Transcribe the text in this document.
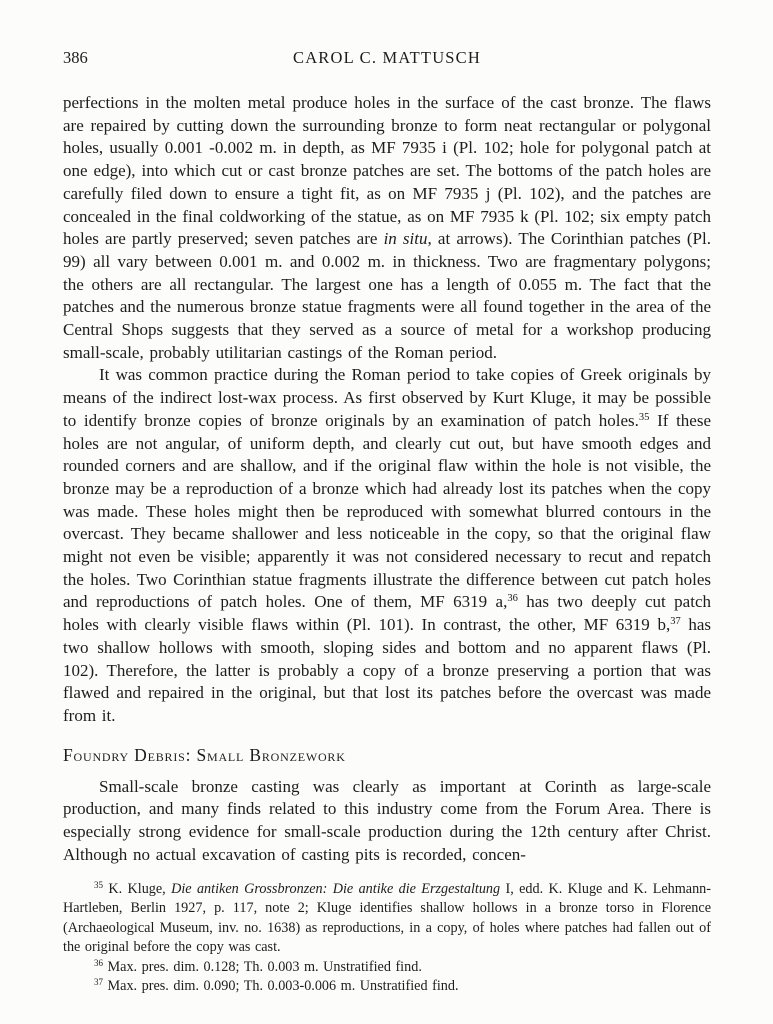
386	CAROL C. MATTUSCH

perfections in the molten metal produce holes in the surface of the cast bronze. The flaws are repaired by cutting down the surrounding bronze to form neat rectangular or polygonal holes, usually 0.001 -0.002 m. in depth, as MF 7935 i (Pl. 102; hole for polygonal patch at one edge), into which cut or cast bronze patches are set. The bottoms of the patch holes are carefully filed down to ensure a tight fit, as on MF 7935 j (Pl. 102), and the patches are concealed in the final coldworking of the statue, as on MF 7935 k (Pl. 102; six empty patch holes are partly preserved; seven patches are in situ, at arrows). The Corinthian patches (Pl. 99) all vary between 0.001 m. and 0.002 m. in thickness. Two are fragmentary polygons; the others are all rectangular. The largest one has a length of 0.055 m. The fact that the patches and the numerous bronze statue fragments were all found together in the area of the Central Shops suggests that they served as a source of metal for a workshop producing small-scale, probably utilitarian castings of the Roman period.

It was common practice during the Roman period to take copies of Greek originals by means of the indirect lost-wax process. As first observed by Kurt Kluge, it may be possible to identify bronze copies of bronze originals by an examination of patch holes.$^{35}$ If these holes are not angular, of uniform depth, and clearly cut out, but have smooth edges and rounded corners and are shallow, and if the original flaw within the hole is not visible, the bronze may be a reproduction of a bronze which had already lost its patches when the copy was made. These holes might then be reproduced with somewhat blurred contours in the overcast. They became shallower and less noticeable in the copy, so that the original flaw might not even be visible; apparently it was not considered necessary to recut and repatch the holes. Two Corinthian statue fragments illustrate the difference between cut patch holes and reproductions of patch holes. One of them, MF 6319 a,$^{36}$ has two deeply cut patch holes with clearly visible flaws within (Pl. 101). In contrast, the other, MF 6319 b,$^{37}$ has two shallow hollows with smooth, sloping sides and bottom and no apparent flaws (Pl. 102). Therefore, the latter is probably a copy of a bronze preserving a portion that was flawed and repaired in the original, but that lost its patches before the overcast was made from it.

Foundry Debris: Small Bronzework

Small-scale bronze casting was clearly as important at Corinth as large-scale production, and many finds related to this industry come from the Forum Area. There is especially strong evidence for small-scale production during the 12th century after Christ. Although no actual excavation of casting pits is recorded, concen-

$^{35}$ K. Kluge, Die antiken Grossbronzen: Die antike die Erzgestaltung I, edd. K. Kluge and K. Lehmann-Hartleben, Berlin 1927, p. 117, note 2; Kluge identifies shallow hollows in a bronze torso in Florence (Archaeological Museum, inv. no. 1638) as reproductions, in a copy, of holes where patches had fallen out of the original before the copy was cast.

$^{36}$ Max. pres. dim. 0.128; Th. 0.003 m. Unstratified find.

$^{37}$ Max. pres. dim. 0.090; Th. 0.003-0.006 m. Unstratified find.
